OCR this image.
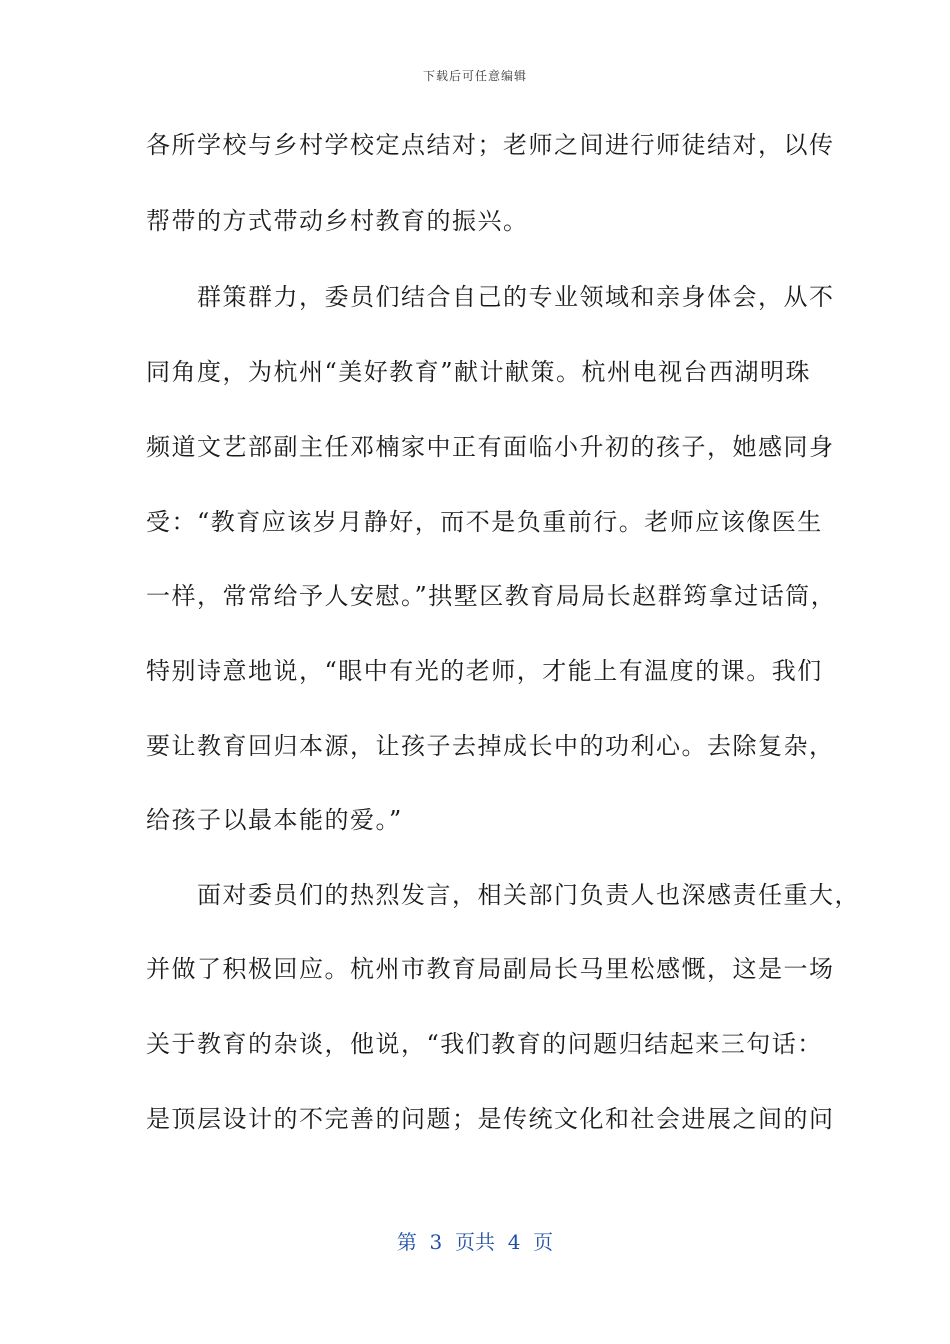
下载后可任意编辑
各所学校与乡村学校定点结对；老师之间进行师徒结对，以传
帮带的方式带动乡村教育的振兴。
　　群策群力，委员们结合自己的专业领域和亲身体会，从不
同角度，为杭州“美好教育”献计献策。杭州电视台西湖明珠
频道文艺部副主任邓楠家中正有面临小升初的孩子，她感同身
受：“教育应该岁月静好，而不是负重前行。老师应该像医生
一样，常常给予人安慰。”拱墅区教育局局长赵群筠拿过话筒，
特别诗意地说，“眼中有光的老师，才能上有温度的课。我们
要让教育回归本源，让孩子去掉成长中的功利心。去除复杂，
给孩子以最本能的爱。”
　　面对委员们的热烈发言，相关部门负责人也深感责任重大，
并做了积极回应。杭州市教育局副局长马里松感慨，这是一场
关于教育的杂谈，他说，“我们教育的问题归结起来三句话：
是顶层设计的不完善的问题；是传统文化和社会进展之间的问
第  3  页共  4  页
